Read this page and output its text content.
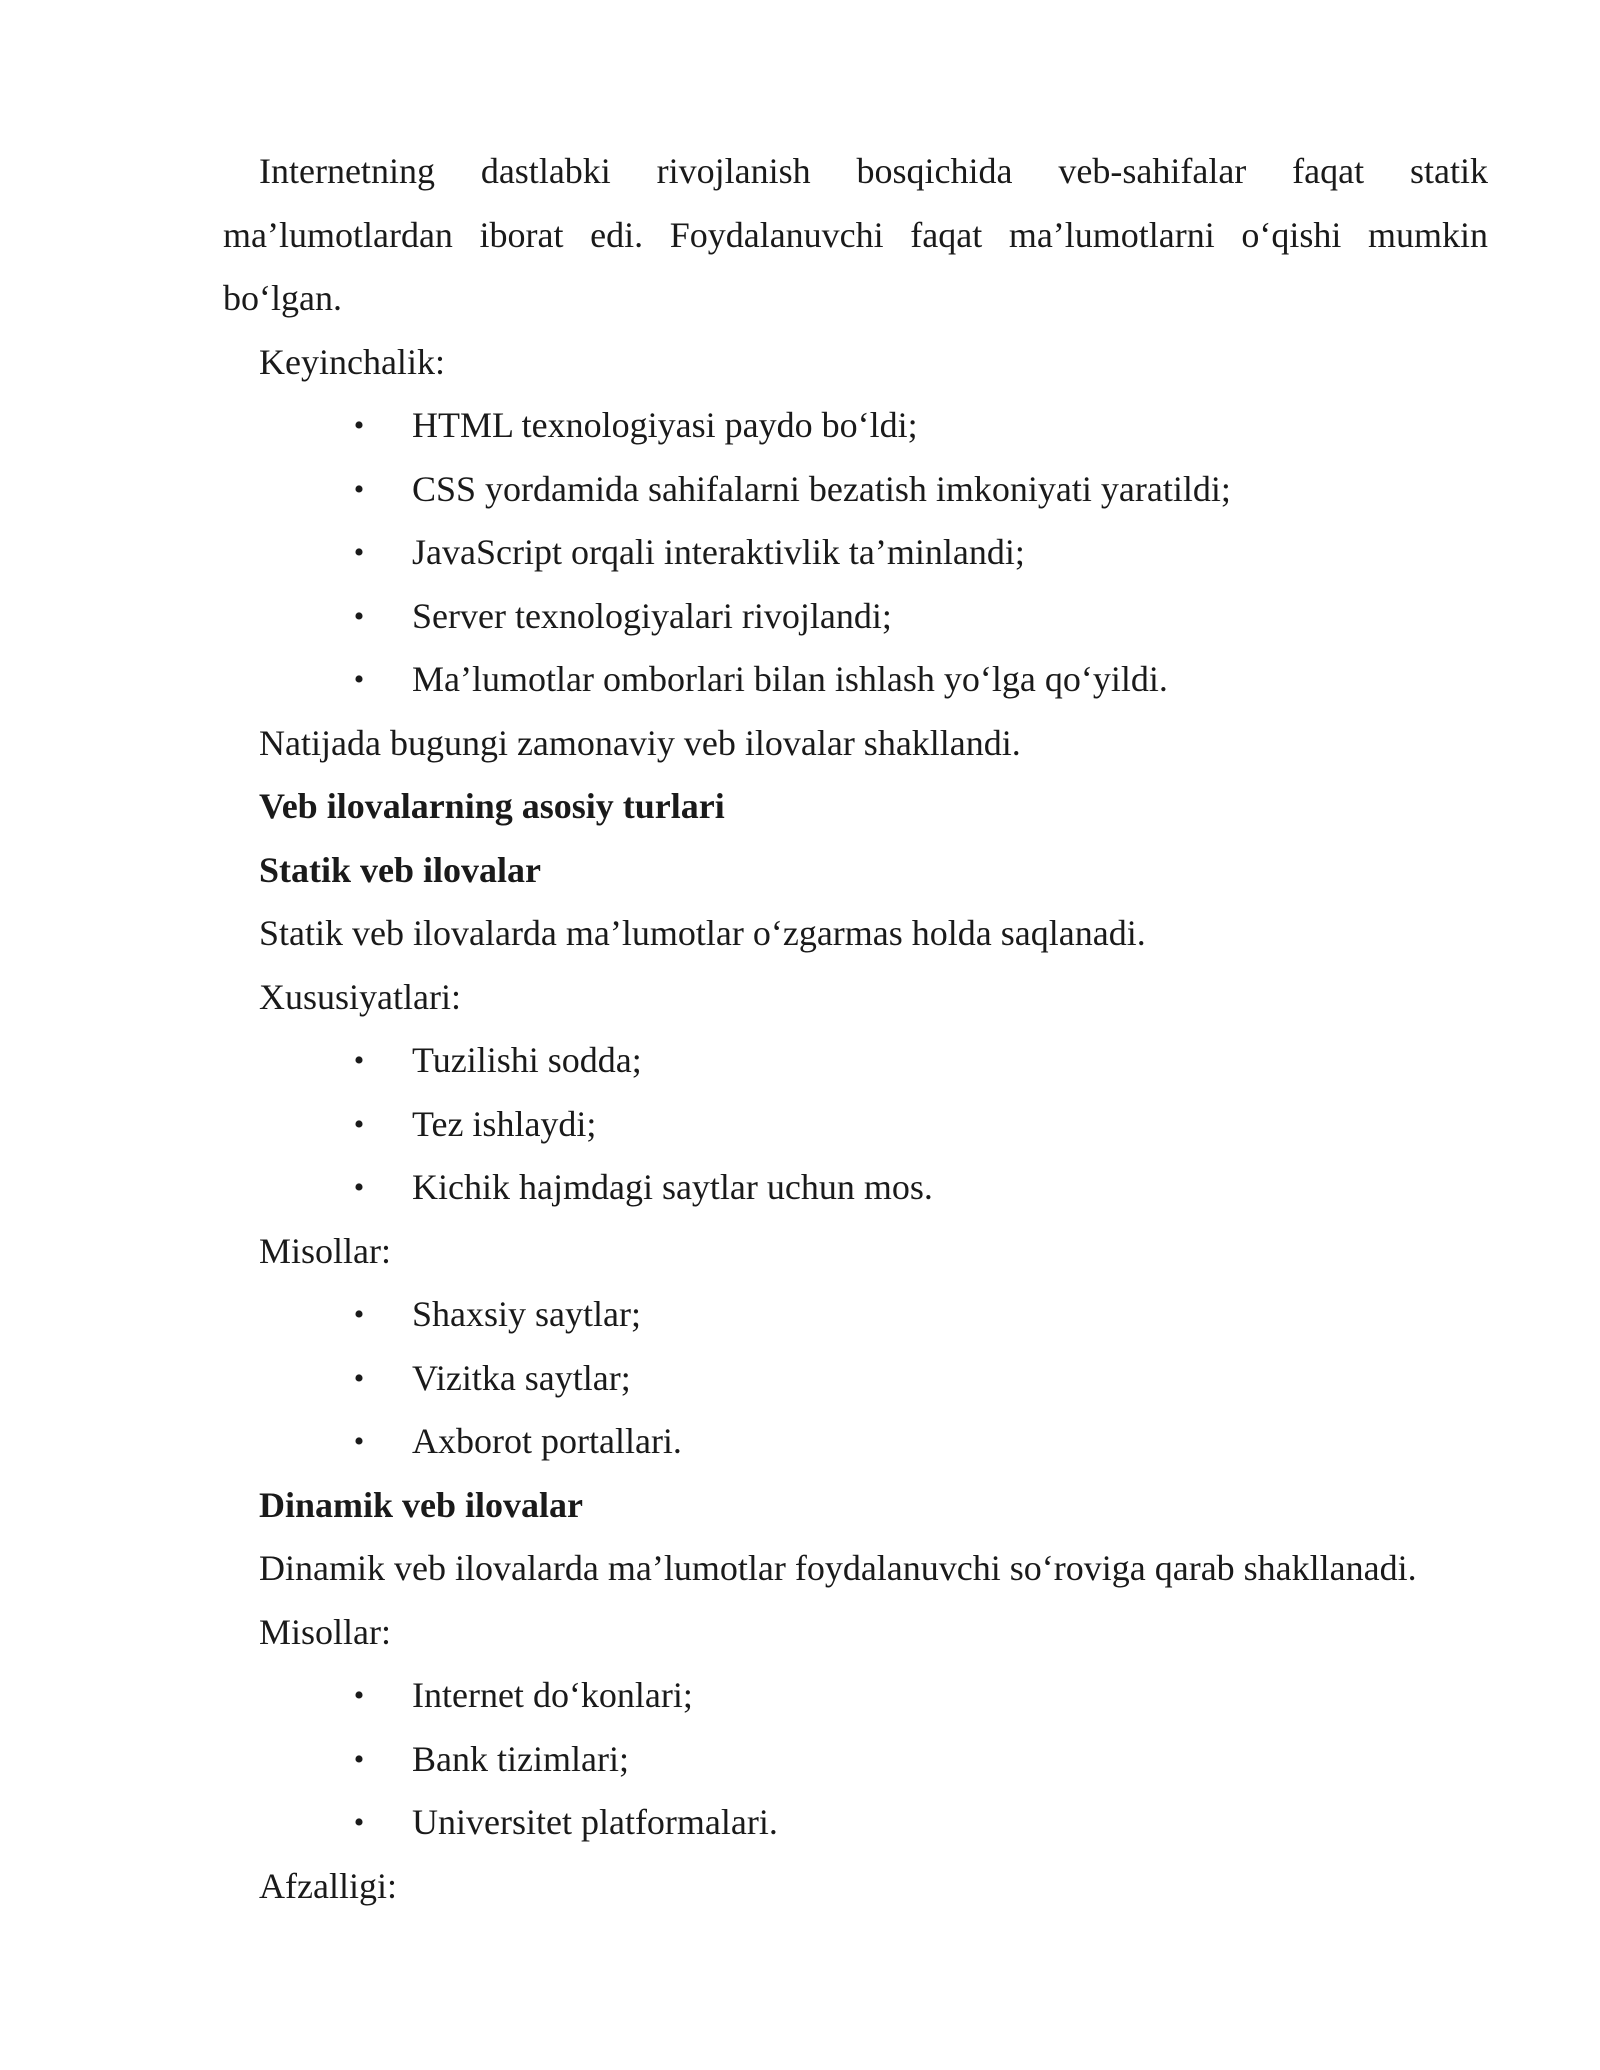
Internetning dastlabki rivojlanish bosqichida veb-sahifalar faqat statik ma’lumotlardan iborat edi. Foydalanuvchi faqat ma’lumotlarni o‘qishi mumkin bo‘lgan.

Keyinchalik:

• HTML texnologiyasi paydo bo‘ldi;
• CSS yordamida sahifalarni bezatish imkoniyati yaratildi;
• JavaScript orqali interaktivlik ta’minlandi;
• Server texnologiyalari rivojlandi;
• Ma’lumotlar omborlari bilan ishlash yo‘lga qo‘yildi.

Natijada bugungi zamonaviy veb ilovalar shakllandi.

Veb ilovalarning asosiy turlari

Statik veb ilovalar

Statik veb ilovalarda ma’lumotlar o‘zgarmas holda saqlanadi.

Xususiyatlari:

• Tuzilishi sodda;
• Tez ishlaydi;
• Kichik hajmdagi saytlar uchun mos.

Misollar:

• Shaxsiy saytlar;
• Vizitka saytlar;
• Axborot portallari.

Dinamik veb ilovalar

Dinamik veb ilovalarda ma’lumotlar foydalanuvchi so‘roviga qarab shakllanadi.

Misollar:

• Internet do‘konlari;
• Bank tizimlari;
• Universitet platformalari.

Afzalligi:
